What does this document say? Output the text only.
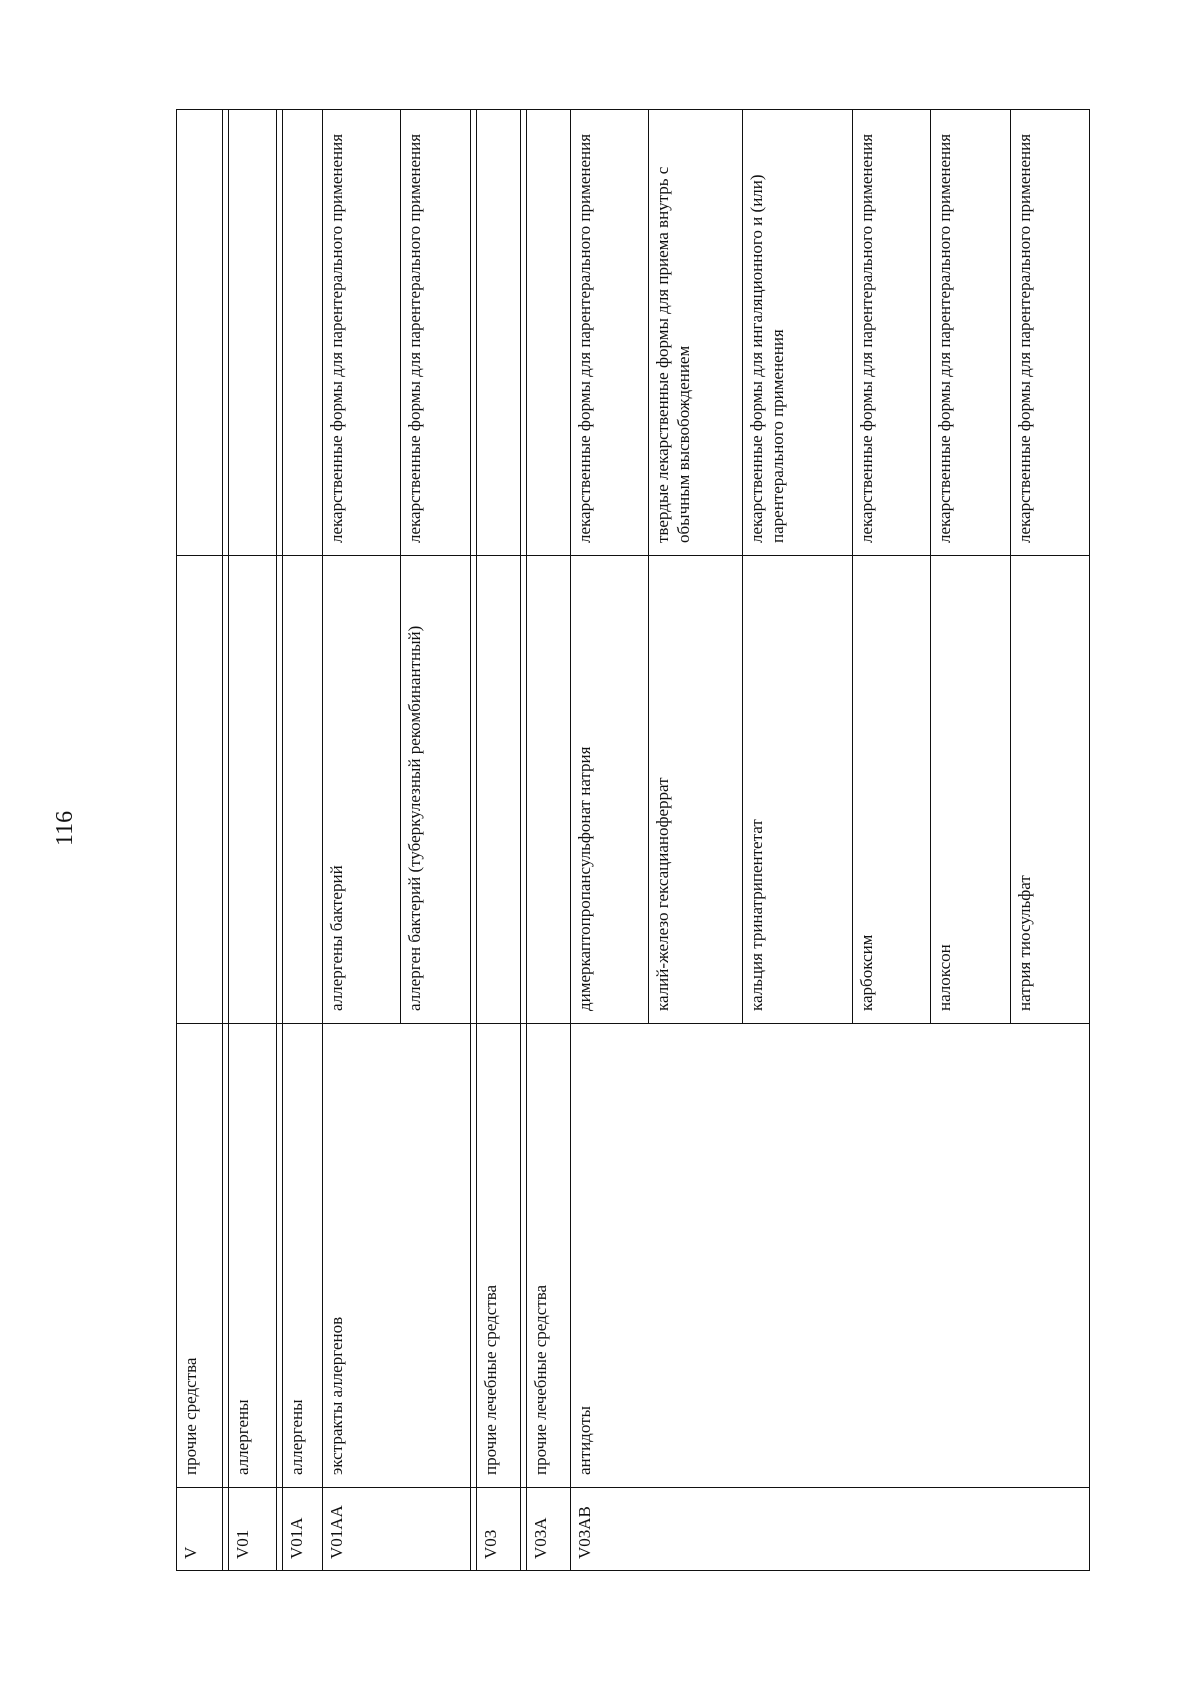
116
V
прочие средства
V01
аллергены
V01A
аллергены
V01AA
экстракты аллергенов
аллергены бактерий
лекарственные формы для парентерального применения
аллерген бактерий (туберкулезный рекомбинантный)
лекарственные формы для парентерального применения
V03
прочие лечебные средства
V03A
прочие лечебные средства
V03AB
антидоты
димеркаптопропансульфонат натрия
лекарственные формы для парентерального применения
калий-железо гексацианоферрат
твердые лекарственные формы для приема внутрь с обычным высвобождением
кальция тринатрипентетат
лекарственные формы для ингаляционного и (или) парентерального применения
карбоксим
лекарственные формы для парентерального применения
налоксон
лекарственные формы для парентерального применения
натрия тиосульфат
лекарственные формы для парентерального применения
